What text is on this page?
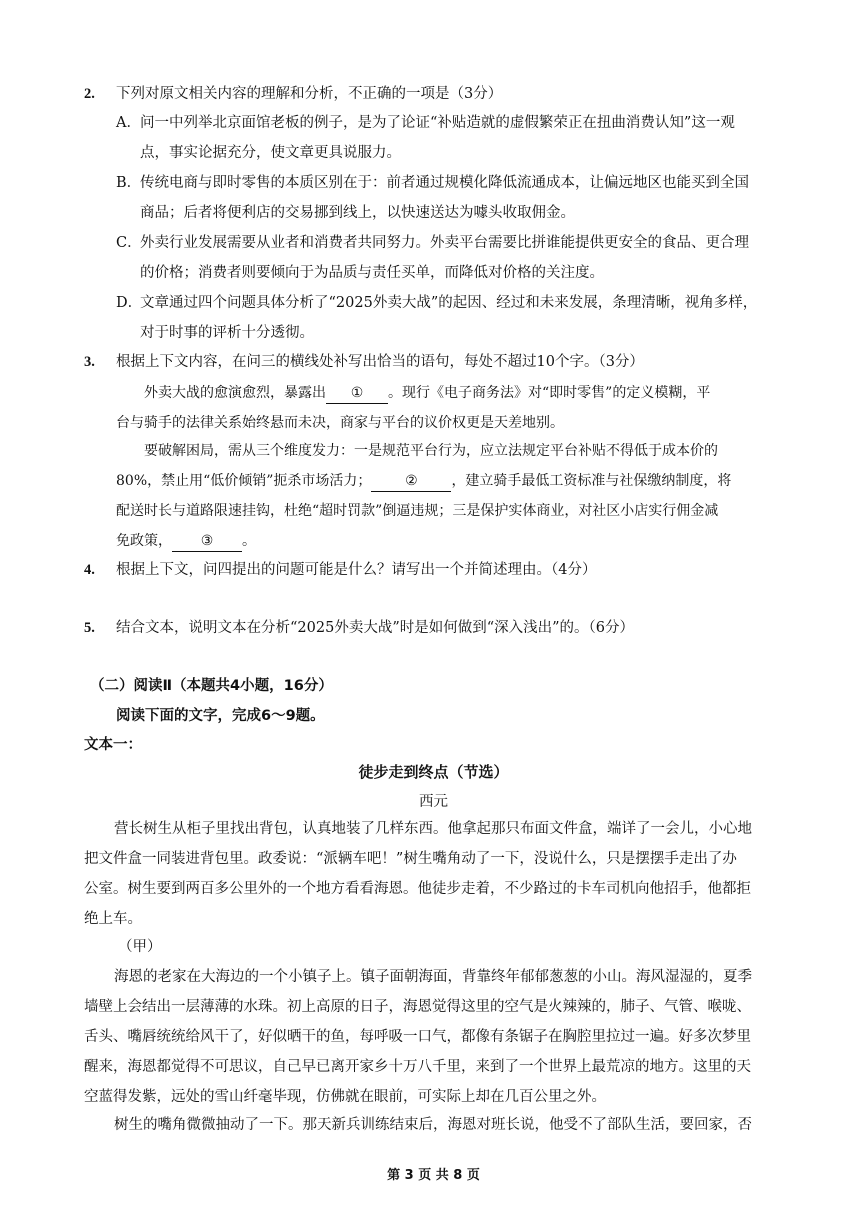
2. 下列对原文相关内容的理解和分析，不正确的一项是（3分）
A．问一中列举北京面馆老板的例子，是为了论证“补贴造就的虚假繁荣正在扭曲消费认知”这一观
点，事实论据充分，使文章更具说服力。
B．传统电商与即时零售的本质区别在于：前者通过规模化降低流通成本，让偏远地区也能买到全国
商品；后者将便利店的交易挪到线上，以快速送达为噱头收取佣金。
C．外卖行业发展需要从业者和消费者共同努力。外卖平台需要比拼谁能提供更安全的食品、更合理
的价格；消费者则要倾向于为品质与责任买单，而降低对价格的关注度。
D．文章通过四个问题具体分析了“2025外卖大战”的起因、经过和未来发展，条理清晰，视角多样，
对于时事的评析十分透彻。
3. 根据上下文内容，在问三的横线处补写出恰当的语句，每处不超过10个字。（3分）
外卖大战的愈演愈烈，暴露出 ① 。现行《电子商务法》对“即时零售”的定义模糊，平
台与骑手的法律关系始终悬而未决，商家与平台的议价权更是天差地别。
要破解困局，需从三个维度发力：一是规范平台行为，应立法规定平台补贴不得低于成本价的
80%，禁止用“低价倾销”扼杀市场活力； ② ，建立骑手最低工资标准与社保缴纳制度，将
配送时长与道路限速挂钩，杜绝“超时罚款”倒逼违规；三是保护实体商业，对社区小店实行佣金减
免政策， ③ 。
4. 根据上下文，问四提出的问题可能是什么？请写出一个并简述理由。（4分）
5. 结合文本，说明文本在分析“2025外卖大战”时是如何做到“深入浅出”的。（6分）
（二）阅读Ⅱ（本题共4小题，16分）
阅读下面的文字，完成6～9题。
文本一：
徒步走到终点（节选）
西元
营长树生从柜子里找出背包，认真地装了几样东西。他拿起那只布面文件盒，端详了一会儿，小心地
把文件盒一同装进背包里。政委说：“派辆车吧！”树生嘴角动了一下，没说什么，只是摆摆手走出了办
公室。树生要到两百多公里外的一个地方看看海恩。他徒步走着，不少路过的卡车司机向他招手，他都拒
绝上车。
（甲）
海恩的老家在大海边的一个小镇子上。镇子面朝海面，背靠终年郁郁葱葱的小山。海风湿湿的，夏季
墙壁上会结出一层薄薄的水珠。初上高原的日子，海恩觉得这里的空气是火辣辣的，肺子、气管、喉咙、
舌头、嘴唇统统给风干了，好似晒干的鱼，每呼吸一口气，都像有条锯子在胸腔里拉过一遍。好多次梦里
醒来，海恩都觉得不可思议，自己早已离开家乡十万八千里，来到了一个世界上最荒凉的地方。这里的天
空蓝得发紫，远处的雪山纤毫毕现，仿佛就在眼前，可实际上却在几百公里之外。
树生的嘴角微微抽动了一下。那天新兵训练结束后，海恩对班长说，他受不了部队生活，要回家，否
第 3 页 共 8 页
